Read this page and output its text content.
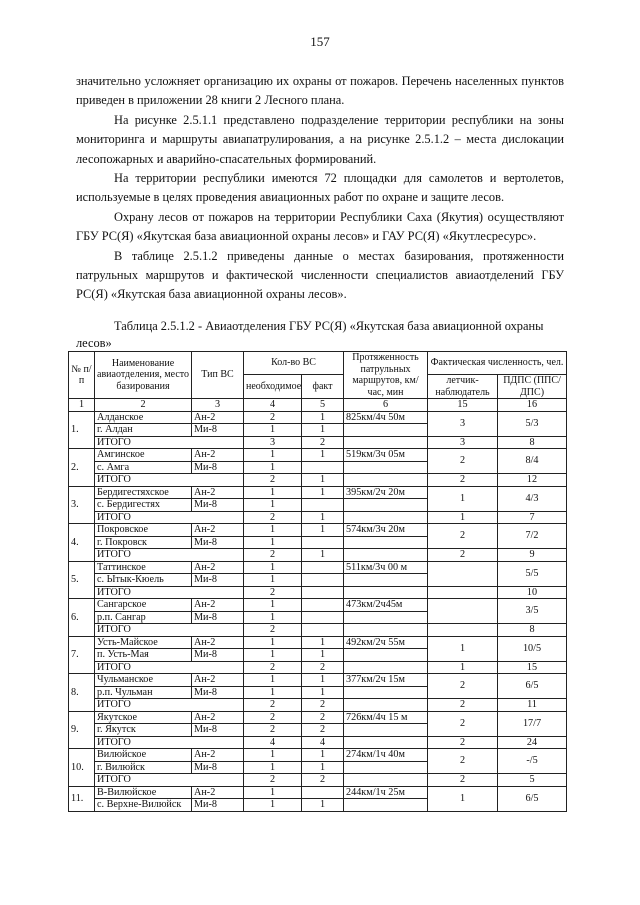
157

значительно усложняет организацию их охраны от пожаров. Перечень населенных пунктов приведен в приложении 28 книги 2 Лесного плана.

На рисунке 2.5.1.1 представлено подразделение территории республики на зоны мониторинга и маршруты авиапатрулирования, а на рисунке 2.5.1.2 – места дислокации лесопожарных и аварийно-спасательных формирований.

На территории республики имеются 72 площадки для самолетов и вертолетов, используемые в целях проведения авиационных работ по охране и защите лесов.

Охрану лесов от пожаров на территории Республики Саха (Якутия) осуществляют ГБУ РС(Я) «Якутская база авиационной охраны лесов» и ГАУ РС(Я) «Якутлесресурс».

В таблице 2.5.1.2 приведены данные о местах базирования, протяженности патрульных маршрутов и фактической численности специалистов авиаотделений ГБУ РС(Я) «Якутская база авиационной охраны лесов».

Таблица 2.5.1.2 - Авиаотделения ГБУ РС(Я) «Якутская база авиационной охраны лесов»
№ п/п	Наименование авиаотделения, место базирования	Тип ВС	Кол-во ВС		Протяженность патрульных маршрутов, км/час, мин	Фактическая численность, чел.	
			необходимое	факт		летчик-наблюдатель	ПДПС (ППС/ДПС)
1	2	3	4	5	6	15	16
1.	Алданское	Ан-2	2	1	825км/4ч 50м	3	5/3
	г. Алдан	Ми-8	1	1			
	ИТОГО		3	2		3	8
2.	Амгинское	Ан-2	1	1	519км/3ч 05м	2	8/4
	с. Амга	Ми-8	1				
	ИТОГО		2	1		2	12
3.	Бердигестяхское	Ан-2	1	1	395км/2ч 20м	1	4/3
	с. Бердигестях	Ми-8	1				
	ИТОГО		2	1		1	7
4.	Покровское	Ан-2	1	1	574км/3ч 20м	2	7/2
	г. Покровск	Ми-8	1				
	ИТОГО		2	1		2	9
5.	Таттинское	Ан-2	1		511км/3ч 00 м		5/5
	с. Ытык-Кюель	Ми-8	1				
	ИТОГО		2				10
6.	Сангарское	Ан-2	1		473км/2ч45м		3/5
	р.п. Сангар	Ми-8	1				
	ИТОГО		2				8
7.	Усть-Майское	Ан-2	1	1	492км/2ч 55м	1	10/5
	п. Усть-Мая	Ми-8	1	1			
	ИТОГО		2	2		1	15
8.	Чульманское	Ан-2	1	1	377км/2ч 15м	2	6/5
	р.п. Чульман	Ми-8	1	1			
	ИТОГО		2	2		2	11
9.	Якутское	Ан-2	2	2	726км/4ч 15 м	2	17/7
	г. Якутск	Ми-8	2	2			
	ИТОГО		4	4		2	24
10.	Вилюйское	Ан-2	1	1	274км/1ч 40м	2	-/5
	г. Вилюйск	Ми-8	1	1			
	ИТОГО		2	2		2	5
11.	В-Вилюйское	Ан-2	1		244км/1ч 25м	1	6/5
	с. Верхне-Вилюйск	Ми-8	1	1			
